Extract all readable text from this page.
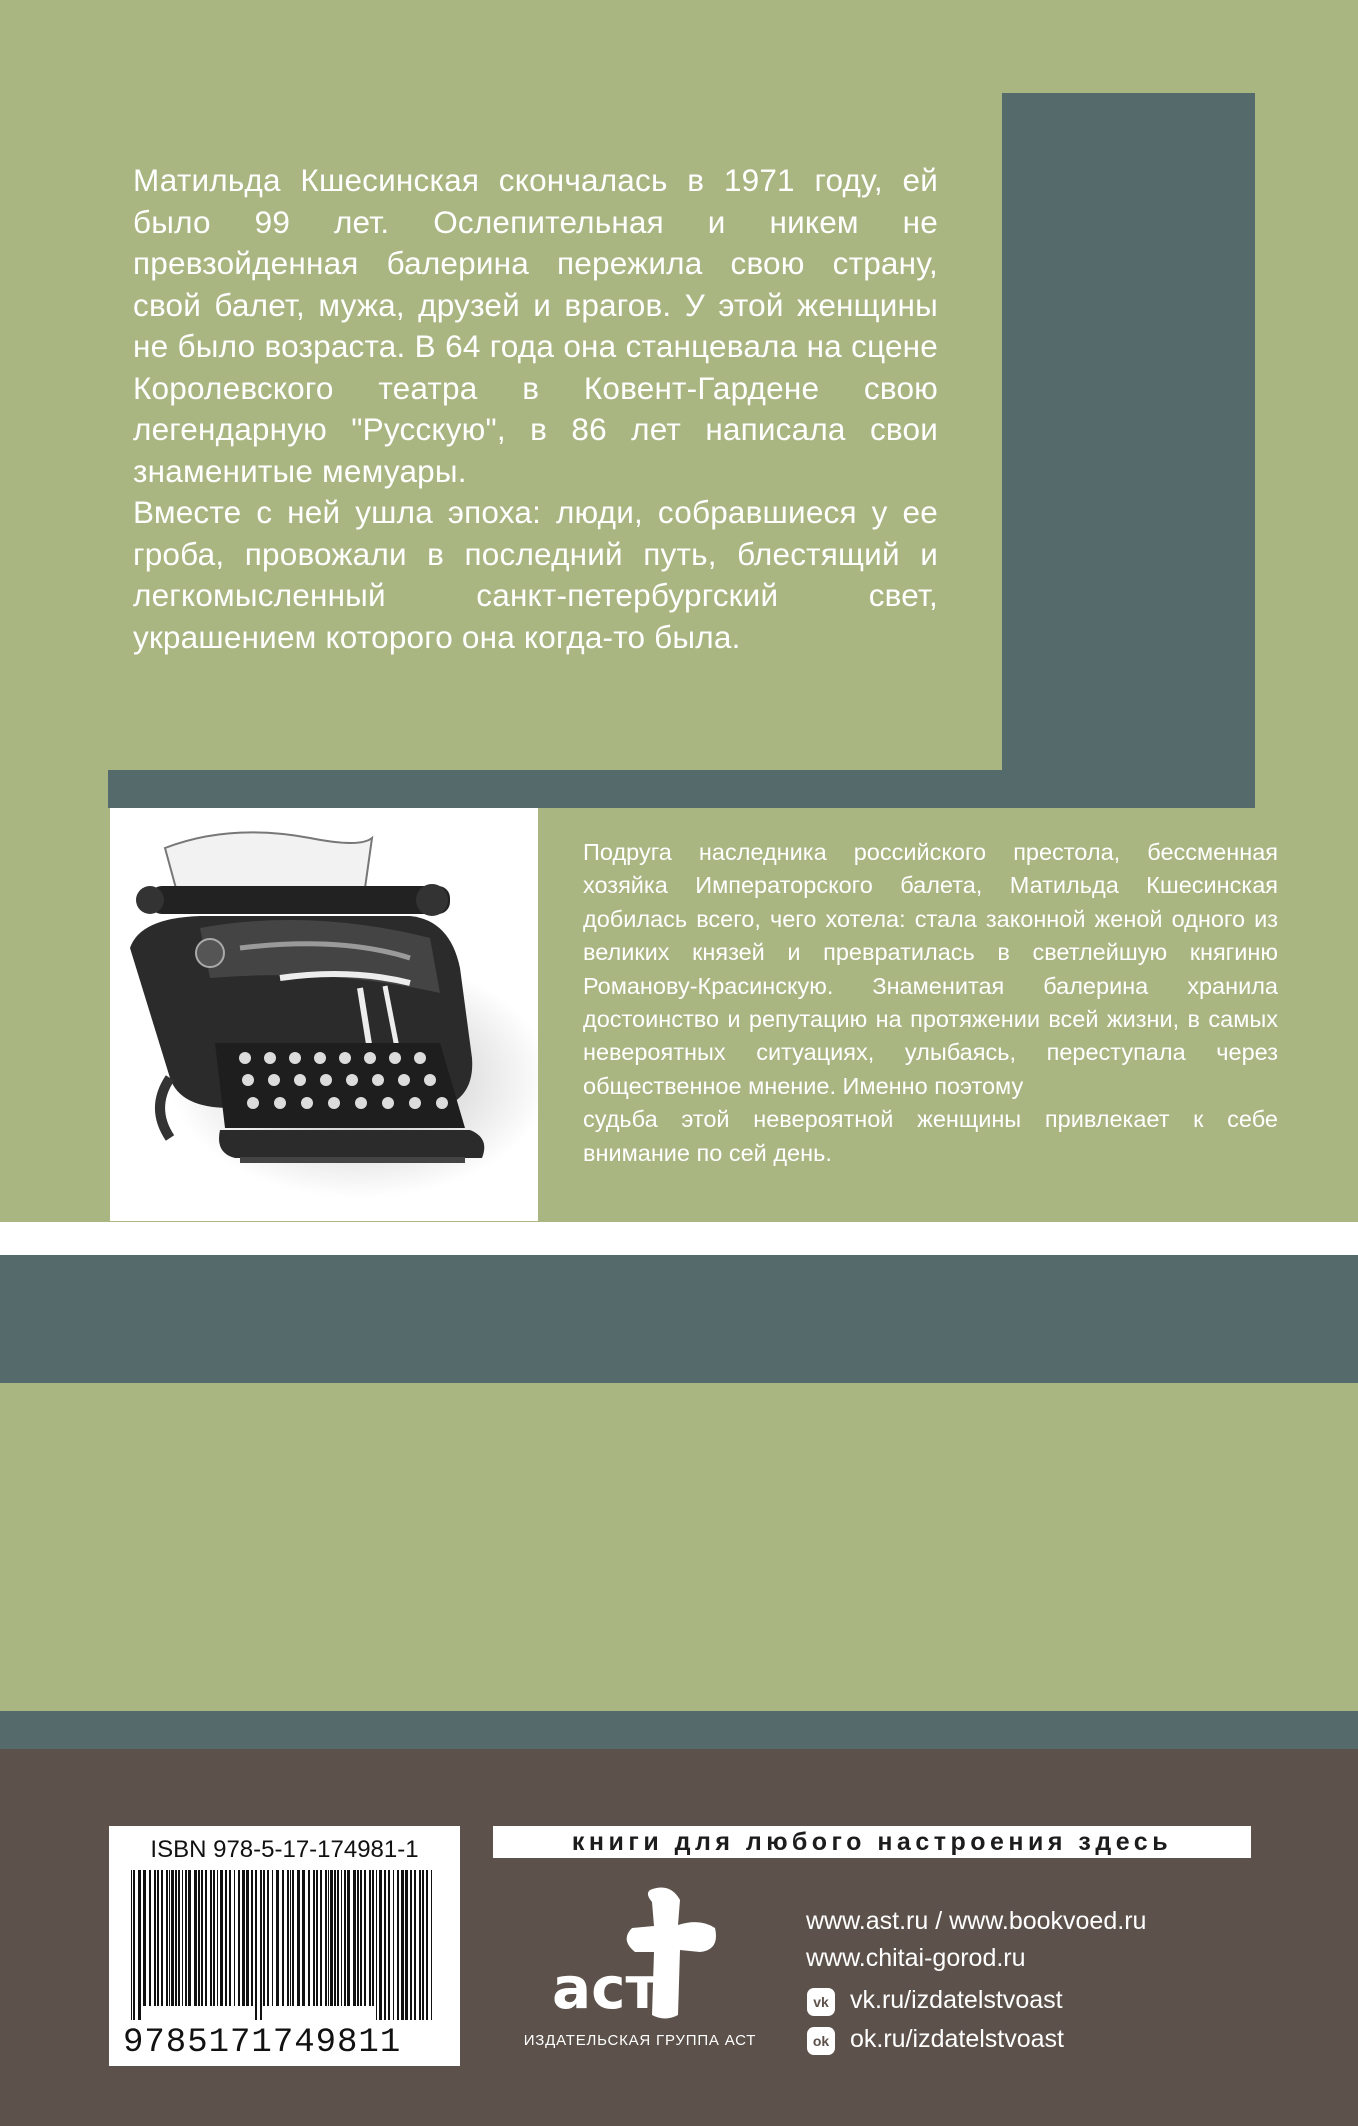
Матильда Кшесинская скончалась в 1971 году, ей было 99 лет. Ослепительная и никем не превзойденная балерина пережила свою страну, свой балет, мужа, друзей и врагов. У этой женщины не было возраста. В 64 года она станцевала на сцене Королевского театра в Ковент-Гардене свою легендарную "Русскую", в 86 лет написала свои знаменитые мемуары.

Вместе с ней ушла эпоха: люди, собравшиеся у ее гроба, провожали в последний путь, блестящий и легкомысленный санкт-петербургский свет, украшением которого она когда-то была.

Подруга наследника российского престола, бессменная хозяйка Императорского балета, Матильда Кшесинская добилась всего, чего хотела: стала законной женой одного из великих князей и превратилась в светлейшую княгиню Романову-Красинскую. Знаменитая балерина хранила достоинство и репутацию на протяжении всей жизни, в самых невероятных ситуациях, улыбаясь, переступала через общественное мнение. Именно поэтому

судьба этой невероятной женщины привлекает к себе внимание по сей день.

ISBN 978-5-17-174981-1
9785171749811
книги для любого настроения здесь
аст
ИЗДАТЕЛЬСКАЯ ГРУППА АСТ
www.ast.ru / www.bookvoed.ru
www.chitai-gorod.ru
vk vk.ru/izdatelstvoast
ok ok.ru/izdatelstvoast
